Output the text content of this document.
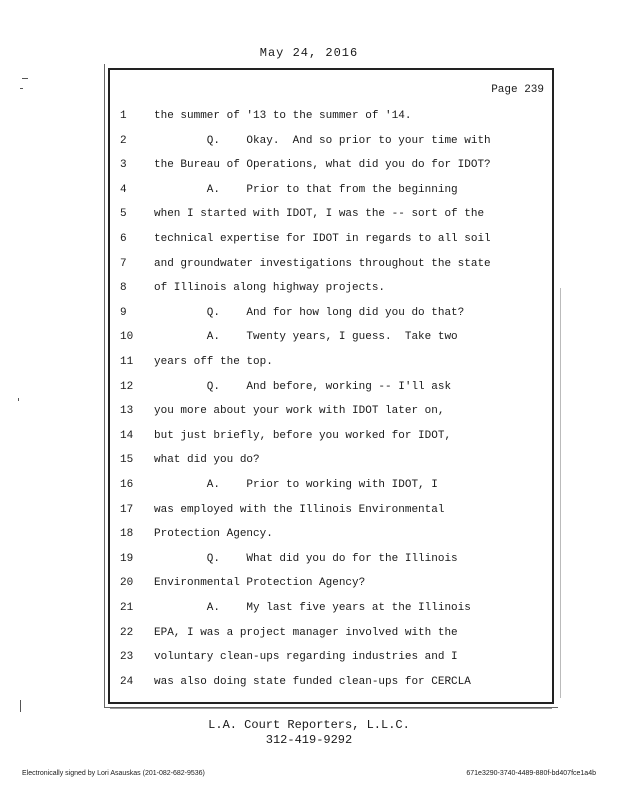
May 24, 2016
Page 239
1	the summer of '13 to the summer of '14.
2	Q.    Okay.  And so prior to your time with
3	the Bureau of Operations, what did you do for IDOT?
4	A.    Prior to that from the beginning
5	when I started with IDOT, I was the -- sort of the
6	technical expertise for IDOT in regards to all soil
7	and groundwater investigations throughout the state
8	of Illinois along highway projects.
9	Q.    And for how long did you do that?
10	A.    Twenty years, I guess.  Take two
11	years off the top.
12	Q.    And before, working -- I'll ask
13	you more about your work with IDOT later on,
14	but just briefly, before you worked for IDOT,
15	what did you do?
16	A.    Prior to working with IDOT, I
17	was employed with the Illinois Environmental
18	Protection Agency.
19	Q.    What did you do for the Illinois
20	Environmental Protection Agency?
21	A.    My last five years at the Illinois
22	EPA, I was a project manager involved with the
23	voluntary clean-ups regarding industries and I
24	was also doing state funded clean-ups for CERCLA
L.A. Court Reporters, L.L.C.
312-419-9292
Electronically signed by Lori Asauskas (201-082-682-9536)	671e3290-3740-4489-880f-bd407fce1a4b
